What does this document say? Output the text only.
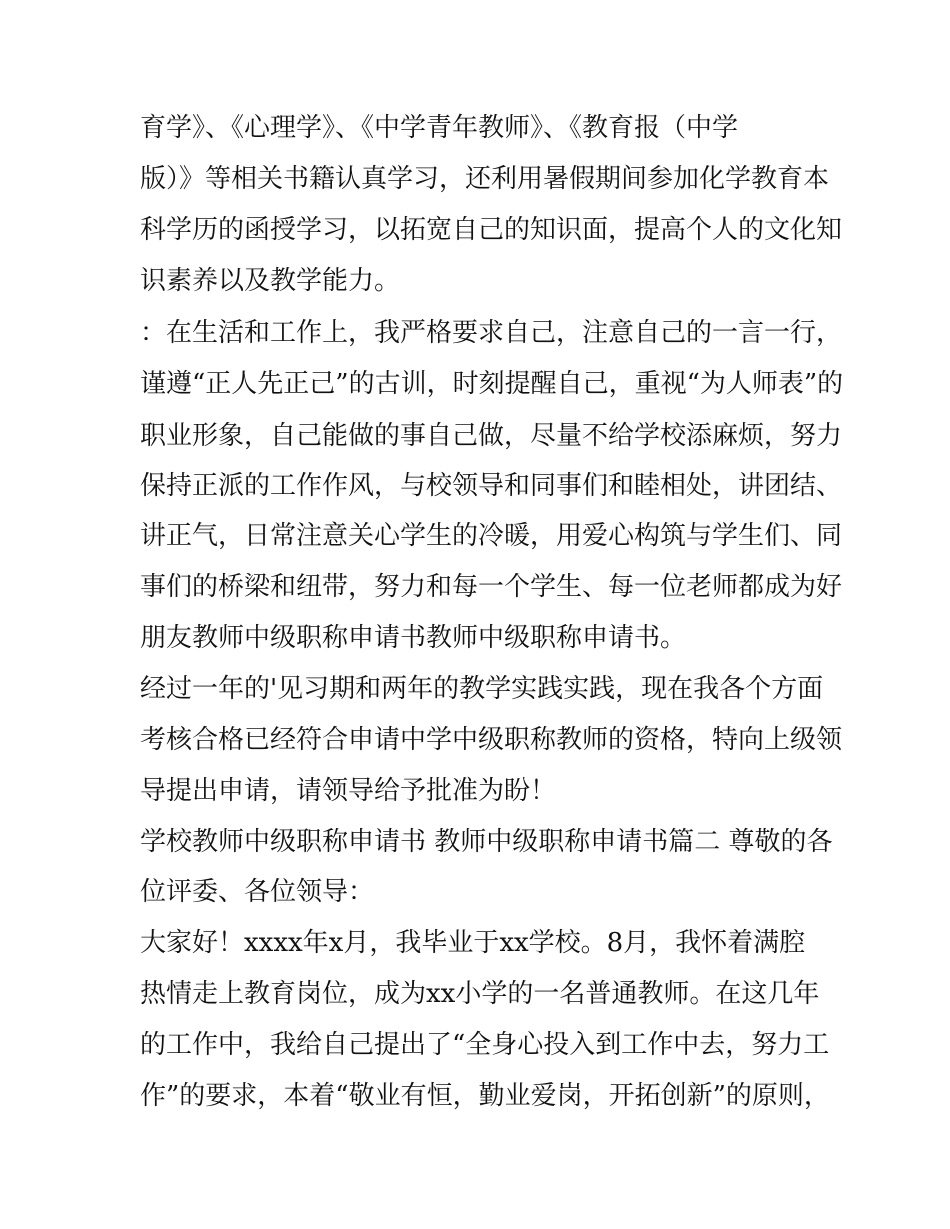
育学》、《心理学》、《中学青年教师》、《教育报（中学

版）》等相关书籍认真学习，还利用暑假期间参加化学教育本

科学历的函授学习，以拓宽自己的知识面，提高个人的文化知

识素养以及教学能力。

：在生活和工作上，我严格要求自己，注意自己的一言一行，

谨遵“正人先正己”的古训，时刻提醒自己，重视“为人师表”的

职业形象，自己能做的事自己做，尽量不给学校添麻烦，努力

保持正派的工作作风，与校领导和同事们和睦相处，讲团结、

讲正气，日常注意关心学生的冷暖，用爱心构筑与学生们、同

事们的桥梁和纽带，努力和每一个学生、每一位老师都成为好

朋友教师中级职称申请书教师中级职称申请书。

经过一年的'见习期和两年的教学实践实践，现在我各个方面

考核合格已经符合申请中学中级职称教师的资格，特向上级领

导提出申请，请领导给予批准为盼！

学校教师中级职称申请书 教师中级职称申请书篇二 尊敬的各

位评委、各位领导：

大家好！xxxx年x月，我毕业于xx学校。8月，我怀着满腔

热情走上教育岗位，成为xx小学的一名普通教师。在这几年

的工作中，我给自己提出了“全身心投入到工作中去，努力工

作”的要求，本着“敬业有恒，勤业爱岗，开拓创新”的原则，
